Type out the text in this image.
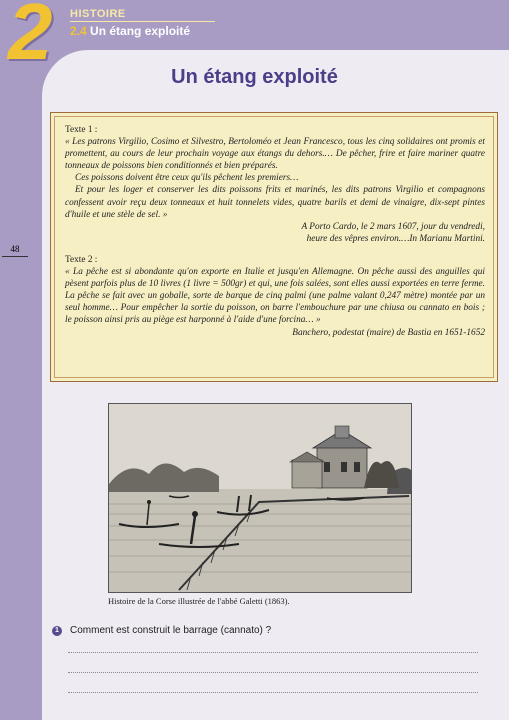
2 HISTOIRE
2.4 Un étang exploité
Un étang exploité
48

Texte 1 :

« Les patrons Virgilio, Cosimo et Silvestro, Bertoloméo et Jean Francesco, tous les cinq solidaires ont promis et promettent, au cours de leur prochain voyage aux étangs du dehors.… De pêcher, frire et faire mariner quatre tonneaux de poissons bien conditionnés et bien préparés.

Ces poissons doivent être ceux qu'ils pêchent les premiers…

Et pour les loger et conserver les dits poissons frits et marinés, les dits patrons Virgilio et compagnons confessent avoir reçu deux tonneaux et huit tonnelets vides, quatre barils et demi de vinaigre, dix-sept pintes d'huile et une stèle de sel. »

A Porto Cardo, le 2 mars 1607, jour du vendredi,

heure des vêpres environ.…In Marianu Martini.

Texte 2 :

« La pêche est si abondante qu'on exporte en Italie et jusqu'en Allemagne. On pêche aussi des anguilles qui pèsent parfois plus de 10 livres (1 livre = 500gr) et qui, une fois salées, sont elles aussi exportées en terre ferme. La pêche se fait avec un goballe, sorte de barque de cinq palmi (une palme valant 0,247 mètre) montée par un seul homme… Pour empêcher la sortie du poisson, on barre l'embouchure par une chiusa ou cannato en bois ; le poisson ainsi pris au piège est harponné à l'aide d'une forcina… »

Banchero, podestat (maire) de Bastia en 1651-1652

Histoire de la Corse illustrée de l'abbé Galetti (1863).
1	Comment est construit le barrage (cannato) ?
